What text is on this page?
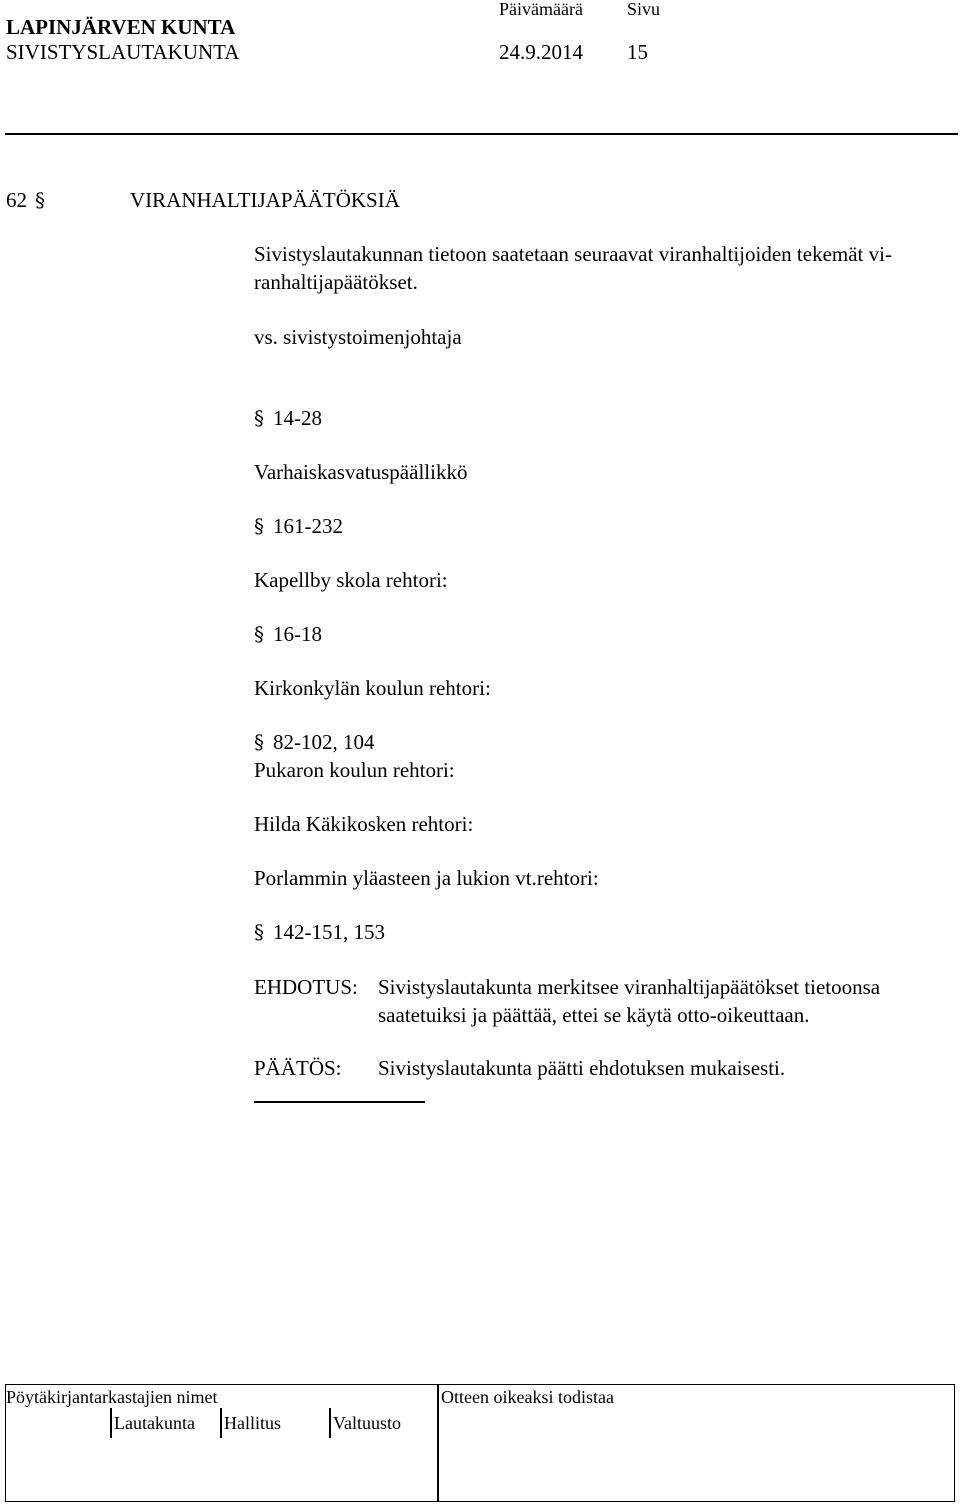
LAPINJÄRVEN KUNTA
SIVISTYSLAUTAKUNTA
Päivämäärä Sivu
24.9.2014 15
62 §	VIRANHALTIJAPÄÄTÖKSIÄ
Sivistyslautakunnan tietoon saatetaan seuraavat viranhaltijoiden tekemät vi-
ranhaltijapäätökset.
vs. sivistystoimenjohtaja
§ 14-28
Varhaiskasvatuspäällikkö
§ 161-232
Kapellby skola rehtori:
§ 16-18
Kirkonkylän koulun rehtori:
§ 82-102, 104
Pukaron koulun rehtori:
Hilda Käkikosken rehtori:
Porlammin yläasteen ja lukion vt.rehtori:
§ 142-151, 153
EHDOTUS: Sivistyslautakunta merkitsee viranhaltijapäätökset tietoonsa
saatetuiksi ja päättää, ettei se käytä otto-oikeuttaan.
PÄÄTÖS: Sivistyslautakunta päätti ehdotuksen mukaisesti.
Pöytäkirjantarkastajien nimet	Otteen oikeaksi todistaa
Lautakunta Hallitus	Valtuusto
